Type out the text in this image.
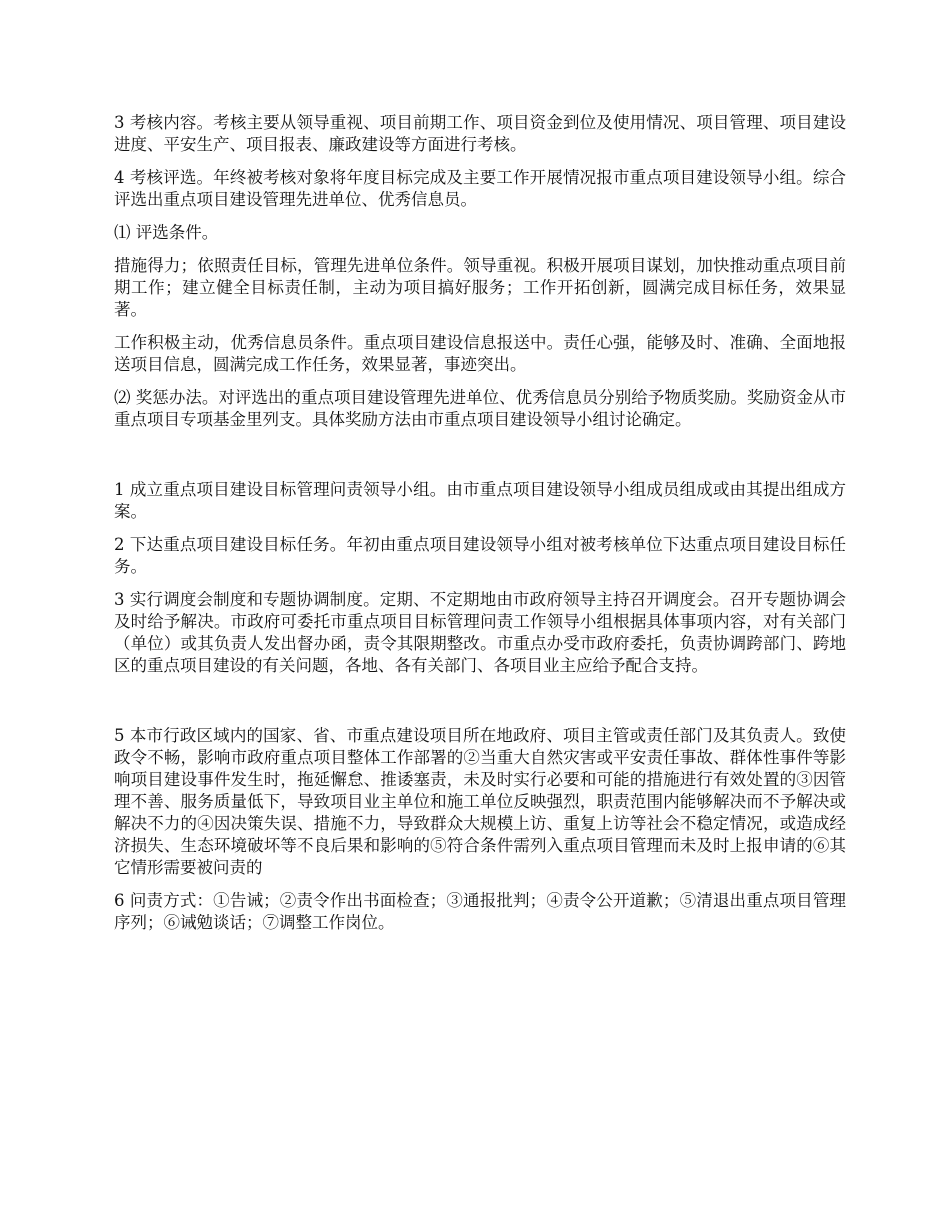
3 考核内容。考核主要从领导重视、项目前期工作、项目资金到位及使用情况、项目管理、项目建设进度、平安生产、项目报表、廉政建设等方面进行考核。

4 考核评选。年终被考核对象将年度目标完成及主要工作开展情况报市重点项目建设领导小组。综合评选出重点项目建设管理先进单位、优秀信息员。

⑴ 评选条件。

措施得力；依照责任目标，管理先进单位条件。领导重视。积极开展项目谋划，加快推动重点项目前期工作；建立健全目标责任制，主动为项目搞好服务；工作开拓创新，圆满完成目标任务，效果显著。

工作积极主动，优秀信息员条件。重点项目建设信息报送中。责任心强，能够及时、准确、全面地报送项目信息，圆满完成工作任务，效果显著，事迹突出。

⑵ 奖惩办法。对评选出的重点项目建设管理先进单位、优秀信息员分别给予物质奖励。奖励资金从市重点项目专项基金里列支。具体奖励方法由市重点项目建设领导小组讨论确定。

1 成立重点项目建设目标管理问责领导小组。由市重点项目建设领导小组成员组成或由其提出组成方案。

2 下达重点项目建设目标任务。年初由重点项目建设领导小组对被考核单位下达重点项目建设目标任务。

3 实行调度会制度和专题协调制度。定期、不定期地由市政府领导主持召开调度会。召开专题协调会及时给予解决。市政府可委托市重点项目目标管理问责工作领导小组根据具体事项内容，对有关部门（单位）或其负责人发出督办函，责令其限期整改。市重点办受市政府委托，负责协调跨部门、跨地区的重点项目建设的有关问题，各地、各有关部门、各项目业主应给予配合支持。

5 本市行政区域内的国家、省、市重点建设项目所在地政府、项目主管或责任部门及其负责人。致使政令不畅，影响市政府重点项目整体工作部署的②当重大自然灾害或平安责任事故、群体性事件等影响项目建设事件发生时，拖延懈怠、推诿塞责，未及时实行必要和可能的措施进行有效处置的③因管理不善、服务质量低下，导致项目业主单位和施工单位反映强烈，职责范围内能够解决而不予解决或解决不力的④因决策失误、措施不力，导致群众大规模上访、重复上访等社会不稳定情况，或造成经济损失、生态环境破坏等不良后果和影响的⑤符合条件需列入重点项目管理而未及时上报申请的⑥其它情形需要被问责的

6 问责方式：①告诫；②责令作出书面检查；③通报批判；④责令公开道歉；⑤清退出重点项目管理序列；⑥诫勉谈话；⑦调整工作岗位。
